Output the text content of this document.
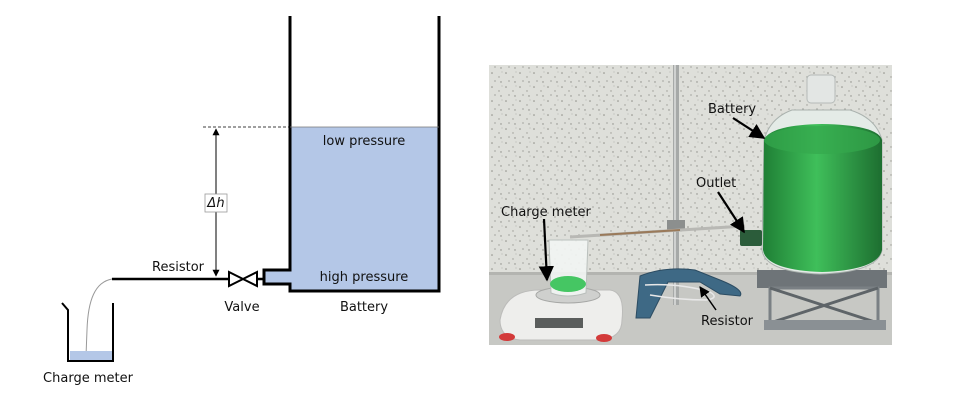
Δh
low pressure
high pressure
Battery
Valve
Resistor
Charge meter
Battery
Outlet
Charge meter
Resistor
